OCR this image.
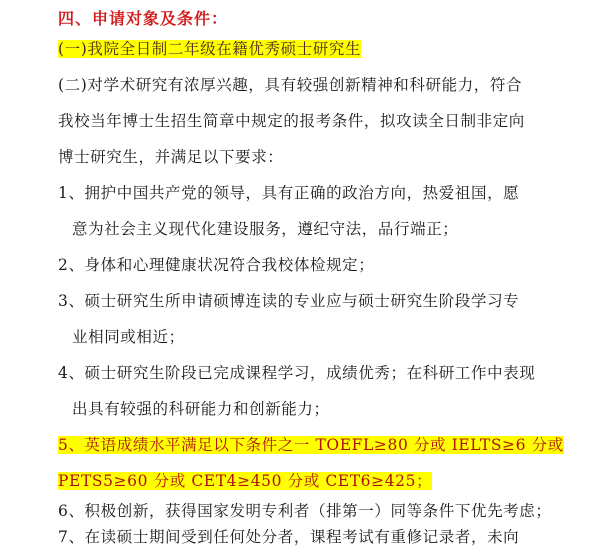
四、申请对象及条件：
(一)我院全日制二年级在籍优秀硕士研究生
(二)对学术研究有浓厚兴趣，具有较强创新精神和科研能力，符合
我校当年博士生招生简章中规定的报考条件，拟攻读全日制非定向
博士研究生，并满足以下要求：
1、拥护中国共产党的领导，具有正确的政治方向，热爱祖国，愿
意为社会主义现代化建设服务，遵纪守法，品行端正；
2、身体和心理健康状况符合我校体检规定；
3、硕士研究生所申请硕博连读的专业应与硕士研究生阶段学习专
业相同或相近；
4、硕士研究生阶段已完成课程学习，成绩优秀；在科研工作中表现
出具有较强的科研能力和创新能力；
5、英语成绩水平满足以下条件之一 TOEFL≥80 分或 IELTS≥6 分或
PETS5≥60 分或 CET4≥450 分或 CET6≥425；
6、积极创新，获得国家发明专利者（排第一）同等条件下优先考虑；
7、在读硕士期间受到任何处分者，课程考试有重修记录者，未向
